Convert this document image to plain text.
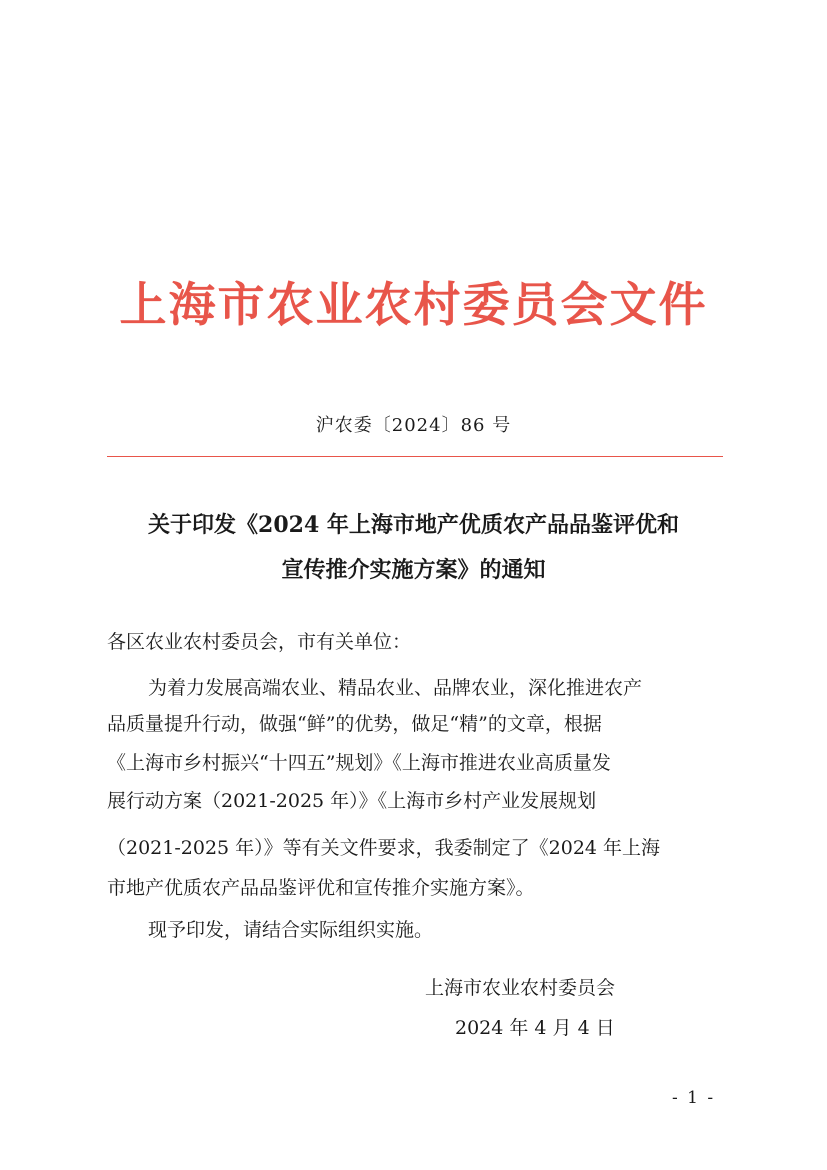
上海市农业农村委员会文件
沪农委〔2024〕86 号
关于印发《2024 年上海市地产优质农产品品鉴评优和
宣传推介实施方案》的通知
各区农业农村委员会，市有关单位：
为着力发展高端农业、精品农业、品牌农业，深化推进农产
品质量提升行动，做强“鲜”的优势，做足“精”的文章，根据
《上海市乡村振兴“十四五”规划》《上海市推进农业高质量发
展行动方案（2021-2025 年）》《上海市乡村产业发展规划
（2021-2025 年）》等有关文件要求，我委制定了《2024 年上海
市地产优质农产品品鉴评优和宣传推介实施方案》。
现予印发，请结合实际组织实施。
上海市农业农村委员会
2024 年 4 月 4 日
- 1 -
